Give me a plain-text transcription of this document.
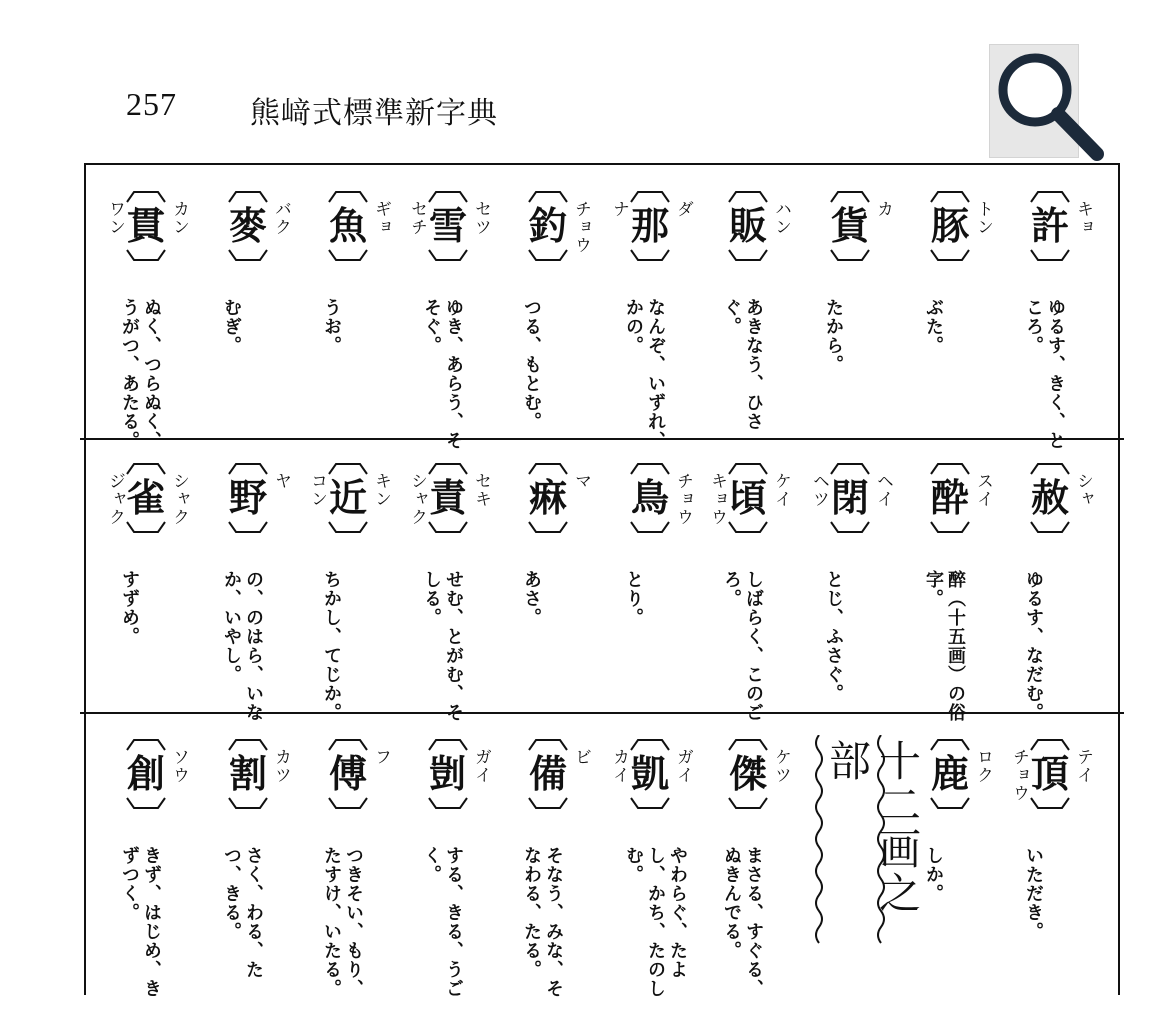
257 熊﨑式標準新字典
許 キョ
ゆるす、きく、ところ。
豚 トン
ぶた。
貨 カ
たから。
販 ハン
あきなう、ひさぐ。
那 ダ
ナ
なんぞ、いずれ、かの。
釣 チョウ
つる、もとむ。
雪 セツ
セチ
ゆき、あらう、そそぐ。
魚 ギョ
うお。
麥 バク
むぎ。
貫 カン
ワン
ぬく、つらぬく、うがつ、あたる。
赦 シャ
ゆるす、なだむ。
酔 スイ
醉（十五画）の俗字。
閉 ヘイ
ヘツ
とじ、ふさぐ。
頃 ケイ
キョウ
しばらく、このごろ。
鳥 チョウ
とり。
痳 マ
あさ。
責 セキ
シャク
せむ、とがむ、そしる。
近 キン
コン
ちかし、てじか。
野 ヤ
の、のはら、いなか、いやし。
雀 シャク
ジャク
すずめ。
頂 テイ
チョウ
いただき。
鹿 ロク
しか。
傑 ケツ
まさる、すぐる、ぬきんでる。
凱 ガイ
カイ
やわらぐ、たよし、かち、たのしむ。
備 ビ
そなう、みな、そなわる、たる。
剴 ガイ
する、きる、うごく。
傅 フ
つきそい、もり、たすけ、いたる。
割 カツ
さく、わる、たつ、きる。
創 ソウ
きず、はじめ、きずつく。	十二画之部
